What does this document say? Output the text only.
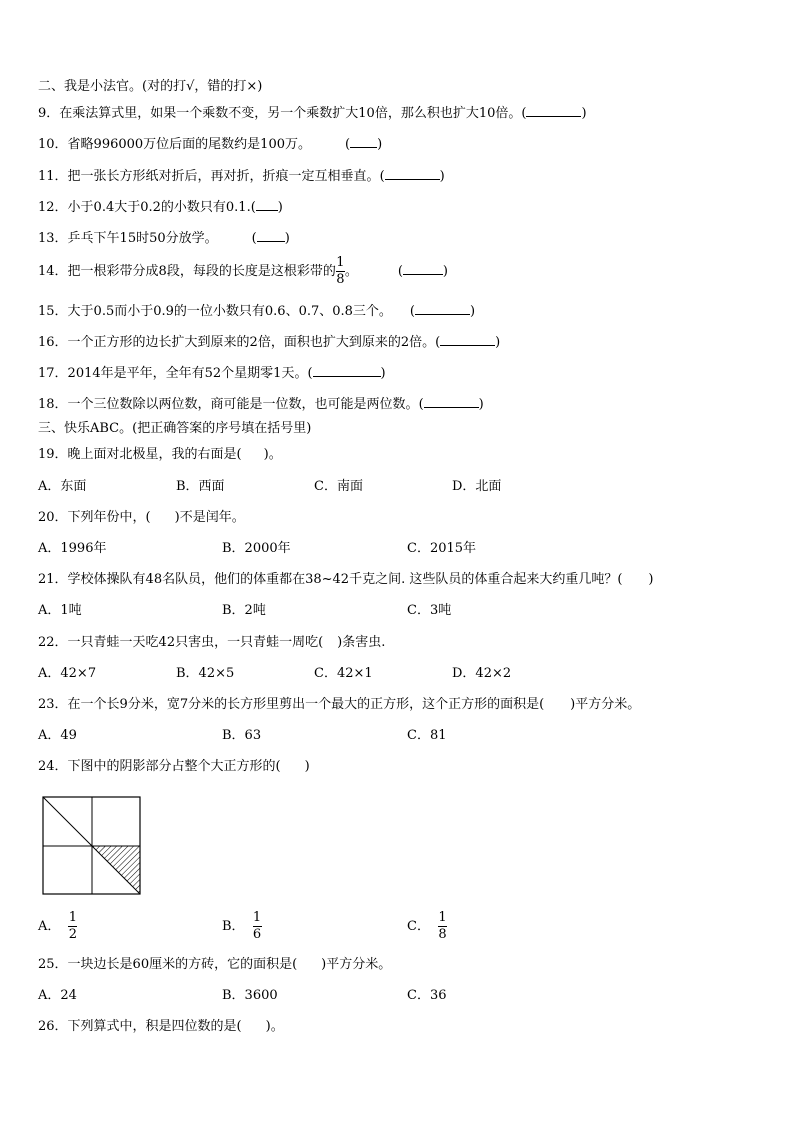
二、我是小法官。(对的打√，错的打×)
9．在乘法算式里，如果一个乘数不变，另一个乘数扩大10倍，那么积也扩大10倍。(	)
10．省略996000万位后面的尾数约是100万。	( )
11．把一张长方形纸对折后，再对折，折痕一定互相垂直。(	)
12．小于0.4大于0.2的小数只有0.1.( )
13．乒乓下午15时50分放学。	( )
14．把一根彩带分成8段，每段的长度是这根彩带的 $\frac{1}{8}$ 。	(	)
15．大于0.5而小于0.9的一位小数只有0.6、0.7、0.8三个。 (	)
16．一个正方形的边长扩大到原来的2倍，面积也扩大到原来的2倍。(	)
17．2014年是平年，全年有52个星期零1天。(	)
18．一个三位数除以两位数，商可能是一位数，也可能是两位数。(	)
三、快乐ABC。(把正确答案的序号填在括号里)
19．晚上面对北极星，我的右面是( )。
A．东面	B．西面	C．南面	D．北面
20．下列年份中，( )不是闰年。
A．1996年	B．2000年	C．2015年
21．学校体操队有48名队员，他们的体重都在38~42千克之间. 这些队员的体重合起来大约重几吨？( )
A．1吨	B．2吨	C．3吨
22．一只青蛙一天吃42只害虫，一只青蛙一周吃( )条害虫.
A．42×7	B．42×5	C．42×1	D．42×2
23．在一个长9分米，宽7分米的长方形里剪出一个最大的正方形，这个正方形的面积是( )平方分米。
A．49	B．63	C．81
24．下图中的阴影部分占整个大正方形的( )
A． $\frac{1}{2}$	B． $\frac{1}{6}$	C． $\frac{1}{8}$
25．一块边长是60厘米的方砖，它的面积是( )平方分米。
A．24	B．3600	C．36
26．下列算式中，积是四位数的是( )。
